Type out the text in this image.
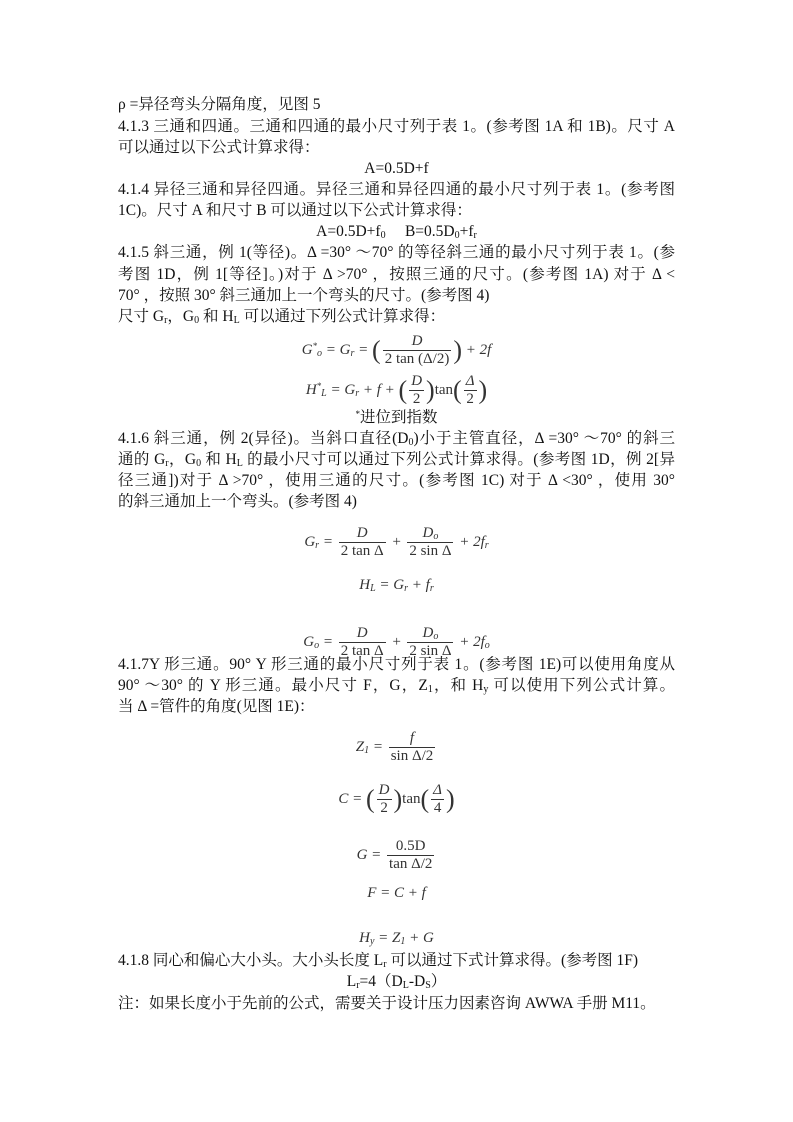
ρ =异径弯头分隔角度，见图 5
4.1.3 三通和四通。三通和四通的最小尺寸列于表 1。(参考图 1A 和 1B)。尺寸 A
可以通过以下公式计算求得：
A=0.5D+f
4.1.4 异径三通和异径四通。异径三通和异径四通的最小尺寸列于表 1。(参考图
1C)。尺寸 A 和尺寸 B 可以通过以下公式计算求得：
$A=0.5D+f_0$ $B=0.5D_0+f_r$
4.1.5 斜三通，例 1(等径)。Δ =30° ～70° 的等径斜三通的最小尺寸列于表 1。(参
考图 1D，例 1[等径]。)对于 Δ >70° ，按照三通的尺寸。(参考图 1A) 对于 Δ <
70° ，按照 30° 斜三通加上一个弯头的尺寸。(参考图 4)
尺寸 $G_r$，$G_0$ 和 $H_L$ 可以通过下列公式计算求得：
$G^*_o = G_r$ = ( $\frac{D}{2 \tan (\Delta/2)}$ ) + 2f
$H^*_L = G_r + f$ + ( $\frac{D}{2} )\tan( \frac{\Delta}{2}$ )
*进位到指数
4.1.6 斜三通，例 2(异径)。当斜口直径$(D_0)$小于主管直径，Δ =30° ～70° 的斜三
通的 $G_r$，$G_0$ 和 $H_L$ 的最小尺寸可以通过下列公式计算求得。(参考图 1D，例 2[异
径三通])对于 Δ >70° ，使用三通的尺寸。(参考图 1C) 对于 Δ <30° ，使用 30°
的斜三通加上一个弯头。(参考图 4)
$G_r = \frac{D}{\text{2 tan Δ}} + \frac{D_o}{\text{2 sin Δ}} + 2f_r$
$H_L = G_r + f_r$
$G_o = \frac{D}{\text{2 tan Δ}} + \frac{D_o}{\text{2 sin Δ}} + 2f_o$
4.1.7Y 形三通。90° Y 形三通的最小尺寸列于表 1。(参考图 1E)可以使用角度从
90° ～30° 的 Y 形三通。最小尺寸 F，G，$Z_1$，和 $H_y$ 可以使用下列公式计算。
当 Δ =管件的角度(见图 1E)：
$Z_1 = \frac{f}{\text{sin Δ/2}}$
C = ( $\frac{D}{2} )\tan( \frac{\Delta}{4}$ )
$G = \frac{0.5D}{\text{tan Δ/2}}$
F = C + f
$H_y = Z_1 + G$
4.1.8 同心和偏心大小头。大小头长度 $L_r$ 可以通过下式计算求得。(参考图 1F)
$L_r=4(D_L-D_S)$
注：如果长度小于先前的公式，需要关于设计压力因素咨询 AWWA 手册 M11。
